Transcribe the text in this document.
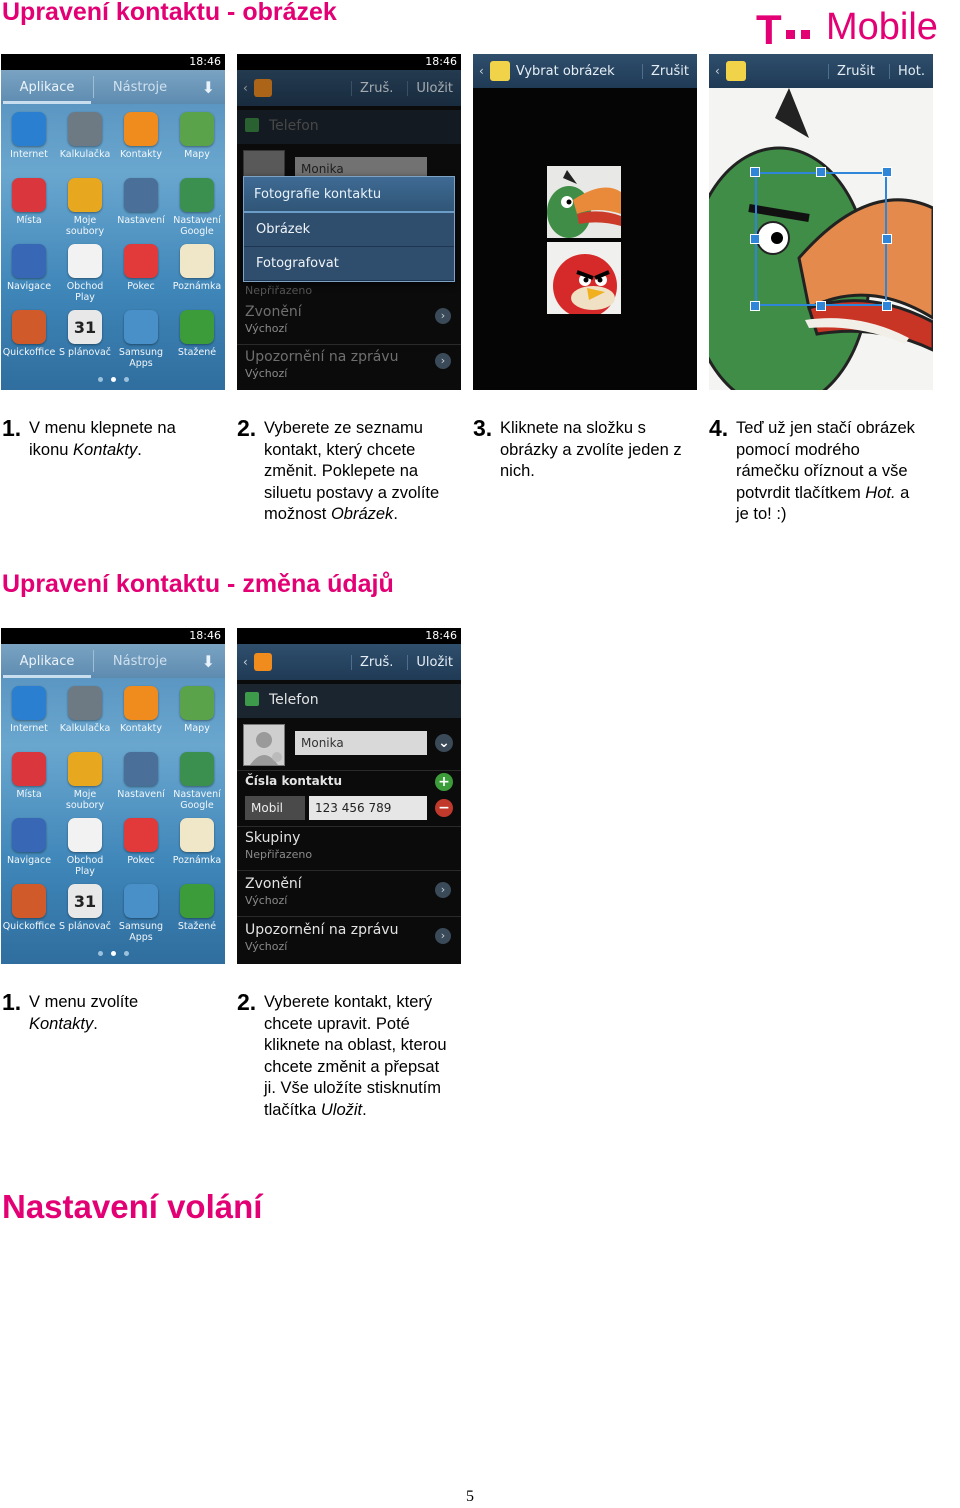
Upravení kontaktu - obrázek
Upravení kontaktu - změna údajů
Nastavení volání
T Mobile
18:46
Aplikace	Nástroje	⬇
Internet Kalkulačka Kontakty Mapy
Místa	Moje soubory
Nastavení Nastavení Google
Navigace	Obchod Play
Pokec Poznámka
Quickoffice
31
S plánovač Samsung Apps
Stažené
18:46
‹	Zruš.	Uložit
Telefon
Monika
Nepřiřazeno
Zvonění
Výchozí
›
Upozornění na zprávu
Výchozí
›
Fotografie kontaktu
Obrázek
Fotografovat
‹ Vybrat obrázek	Zrušit ‹	Zrušit	Hot.
1. V menu klepnete na ikonu Kontakty.
2. Vyberete ze seznamu kontakt, který chcete změnit. Poklepete na siluetu postavy a zvolíte možnost Obrázek.
3. Kliknete na složku s obrázky a zvolíte jeden z nich.
4. Teď už jen stačí obrázek pomocí modrého rámečku oříznout a vše potvrdit tlačítkem Hot. a je to! :)
18:46
Aplikace	Nástroje	⬇
Internet Kalkulačka Kontakty Mapy
Místa	Moje soubory
Nastavení Nastavení Google
Navigace	Obchod Play
Pokec Poznámka
Quickoffice
31
S plánovač Samsung Apps
Stažené
18:46
‹	Zruš.	Uložit
Telefon
Monika	⌄
Čísla kontaktu	+
Mobil	123 456 789	−
Skupiny
Nepřiřazeno
Zvonění
Výchozí
›
Upozornění na zprávu
Výchozí
›
1. V menu zvolíte Kontakty.
2. Vyberete kontakt, který chcete upravit. Poté kliknete na oblast, kterou chcete změnit a přepsat ji. Vše uložíte stisknutím tlačítka Uložit.
5
